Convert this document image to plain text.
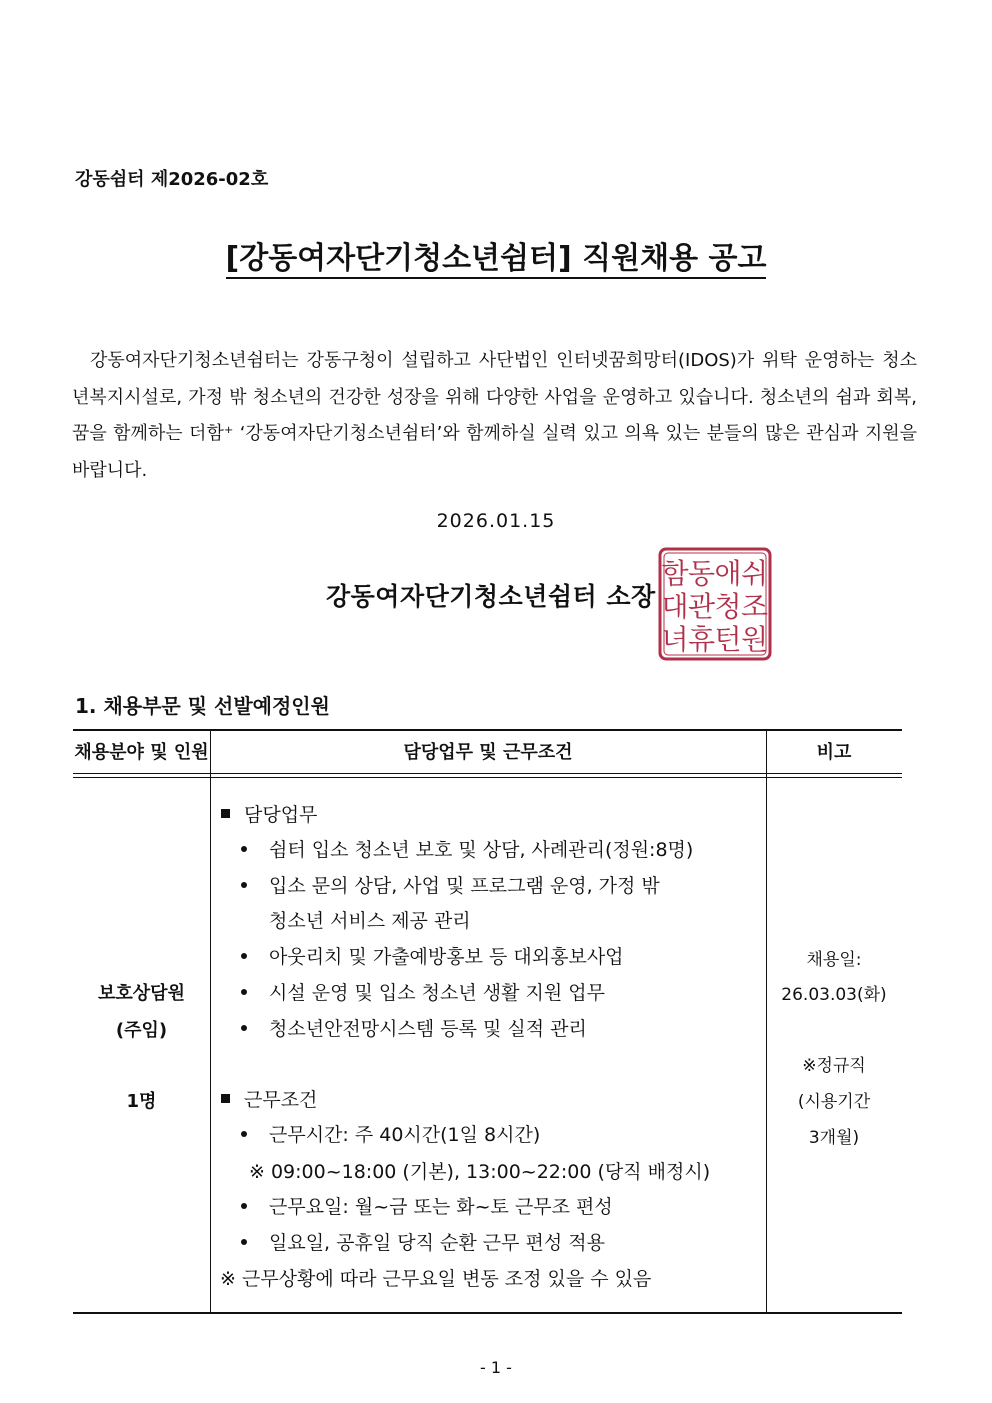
강동쉼터 제2026-02호
[강동여자단기청소년쉼터] 직원채용 공고
강동여자단기청소년쉼터는 강동구청이 설립하고 사단법인 인터넷꿈희망터(IDOS)가 위탁 운영하는 청소년복지시설로, 가정 밖 청소년의 건강한 성장을 위해 다양한 사업을 운영하고 있습니다. 청소년의 쉼과 회복, 꿈을 함께하는 더함⁺ ‘강동여자단기청소년쉼터’와 함께하실 실력 있고 의욕 있는 분들의 많은 관심과 지원을 바랍니다.
2026.01.15
강동여자단기청소년쉼터 소장
함 동 애 쉬
대 관 청 조
녀 휴 턴 원
1. 채용부문 및 선발예정인원
채용분야 및 인원	담당업무 및 근무조건	비고
보호상담원
(주임)
1명
담당업무
쉼터 입소 청소년 보호 및 상담, 사례관리(정원:8명)
입소 문의 상담, 사업 및 프로그램 운영, 가정 밖
청소년 서비스 제공 관리
아웃리치 및 가출예방홍보 등 대외홍보사업
시설 운영 및 입소 청소년 생활 지원 업무
청소년안전망시스템 등록 및 실적 관리
근무조건
근무시간: 주 40시간(1일 8시간)
※ 09:00~18:00 (기본), 13:00~22:00 (당직 배정시)
근무요일: 월~금 또는 화~토 근무조 편성
일요일, 공휴일 당직 순환 근무 편성 적용
※ 근무상황에 따라 근무요일 변동 조정 있을 수 있음
채용일:
26.03.03(화)
※정규직
(시용기간
3개월)
- 1 -
